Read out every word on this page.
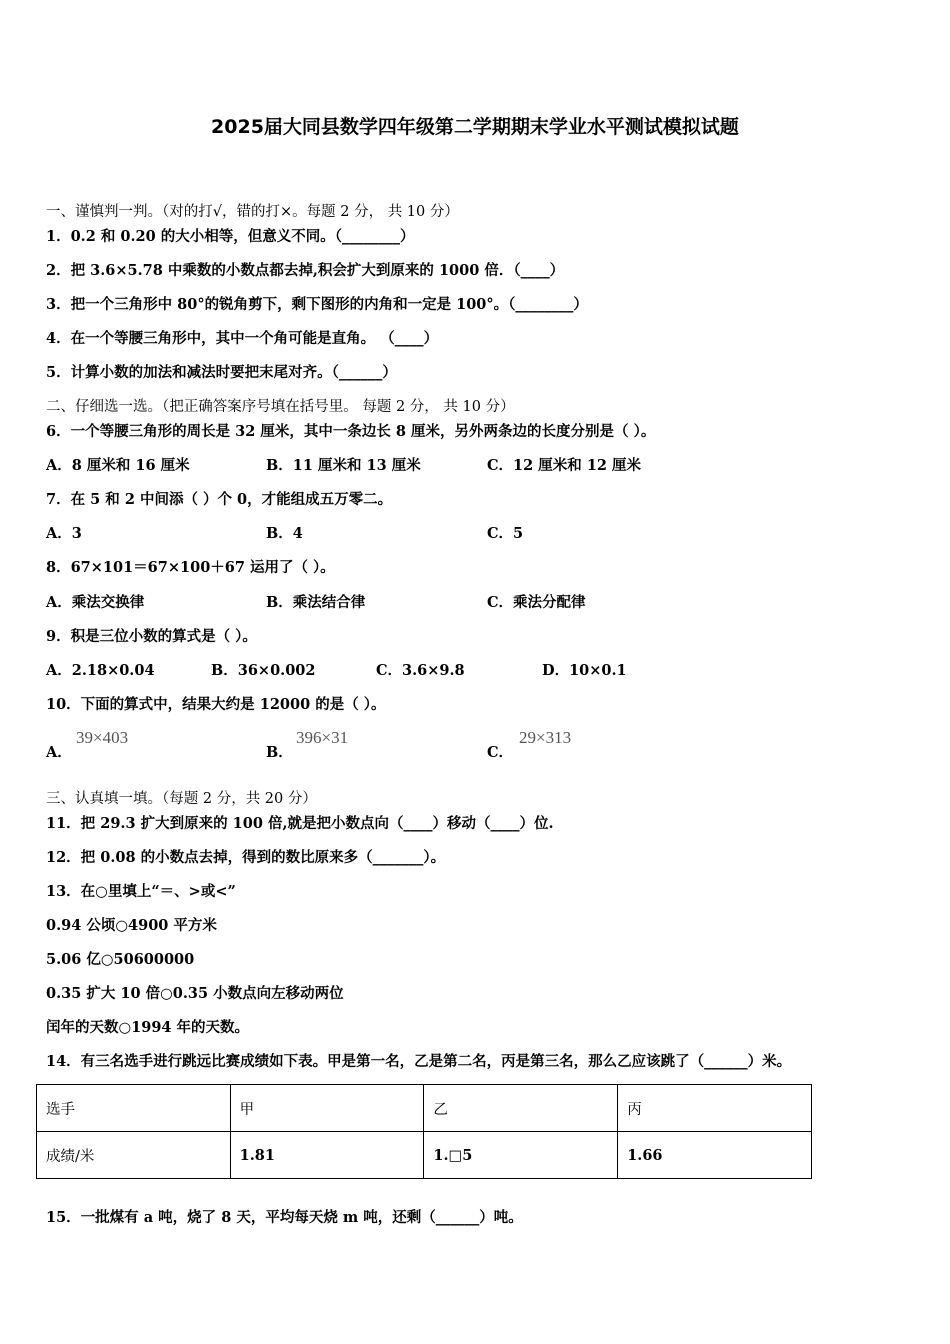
2025届大同县数学四年级第二学期期末学业水平测试模拟试题
一、谨慎判一判。（对的打√，错的打×。每题 2 分， 共 10 分）
1．0.2 和 0.20 的大小相等，但意义不同。（________）
2．把 3.6×5.78 中乘数的小数点都去掉,积会扩大到原来的 1000 倍．（____）
3．把一个三角形中 80°的锐角剪下，剩下图形的内角和一定是 100°。（________）
4．在一个等腰三角形中，其中一个角可能是直角。 （____）
5．计算小数的加法和减法时要把末尾对齐。（______）
二、仔细选一选。（把正确答案序号填在括号里。 每题 2 分， 共 10 分）
6．一个等腰三角形的周长是 32 厘米，其中一条边长 8 厘米，另外两条边的长度分别是（ ）。
A．8 厘米和 16 厘米	B．11 厘米和 13 厘米	C．12 厘米和 12 厘米
7．在 5 和 2 中间添（ ）个 0，才能组成五万零二。
A．3	B．4	C．5
8．67×101＝67×100＋67 运用了（ ）。
A．乘法交换律	B．乘法结合律	C．乘法分配律
9．积是三位小数的算式是（ ）。
A．2.18×0.04	B．36×0.002	C．3.6×9.8	D．10×0.1
10．下面的算式中，结果大约是 12000 的是（ ）。
A．
39×403
B．
396×31
C．
29×313
三、认真填一填。（每题 2 分，共 20 分）
11．把 29.3 扩大到原来的 100 倍,就是把小数点向（____）移动（____）位.
12．把 0.08 的小数点去掉，得到的数比原来多（_______）。
13．在○里填上“＝、>或<”
0.94 公顷○4900 平方米
5.06 亿○50600000
0.35 扩大 10 倍○0.35 小数点向左移动两位
闰年的天数○1994 年的天数。
14．有三名选手进行跳远比赛成绩如下表。甲是第一名，乙是第二名，丙是第三名，那么乙应该跳了（______）米。
选手	甲	乙	丙
成绩/米	1.81	1.□5	1.66
15．一批煤有 a 吨，烧了 8 天，平均每天烧 m 吨，还剩（______）吨。
